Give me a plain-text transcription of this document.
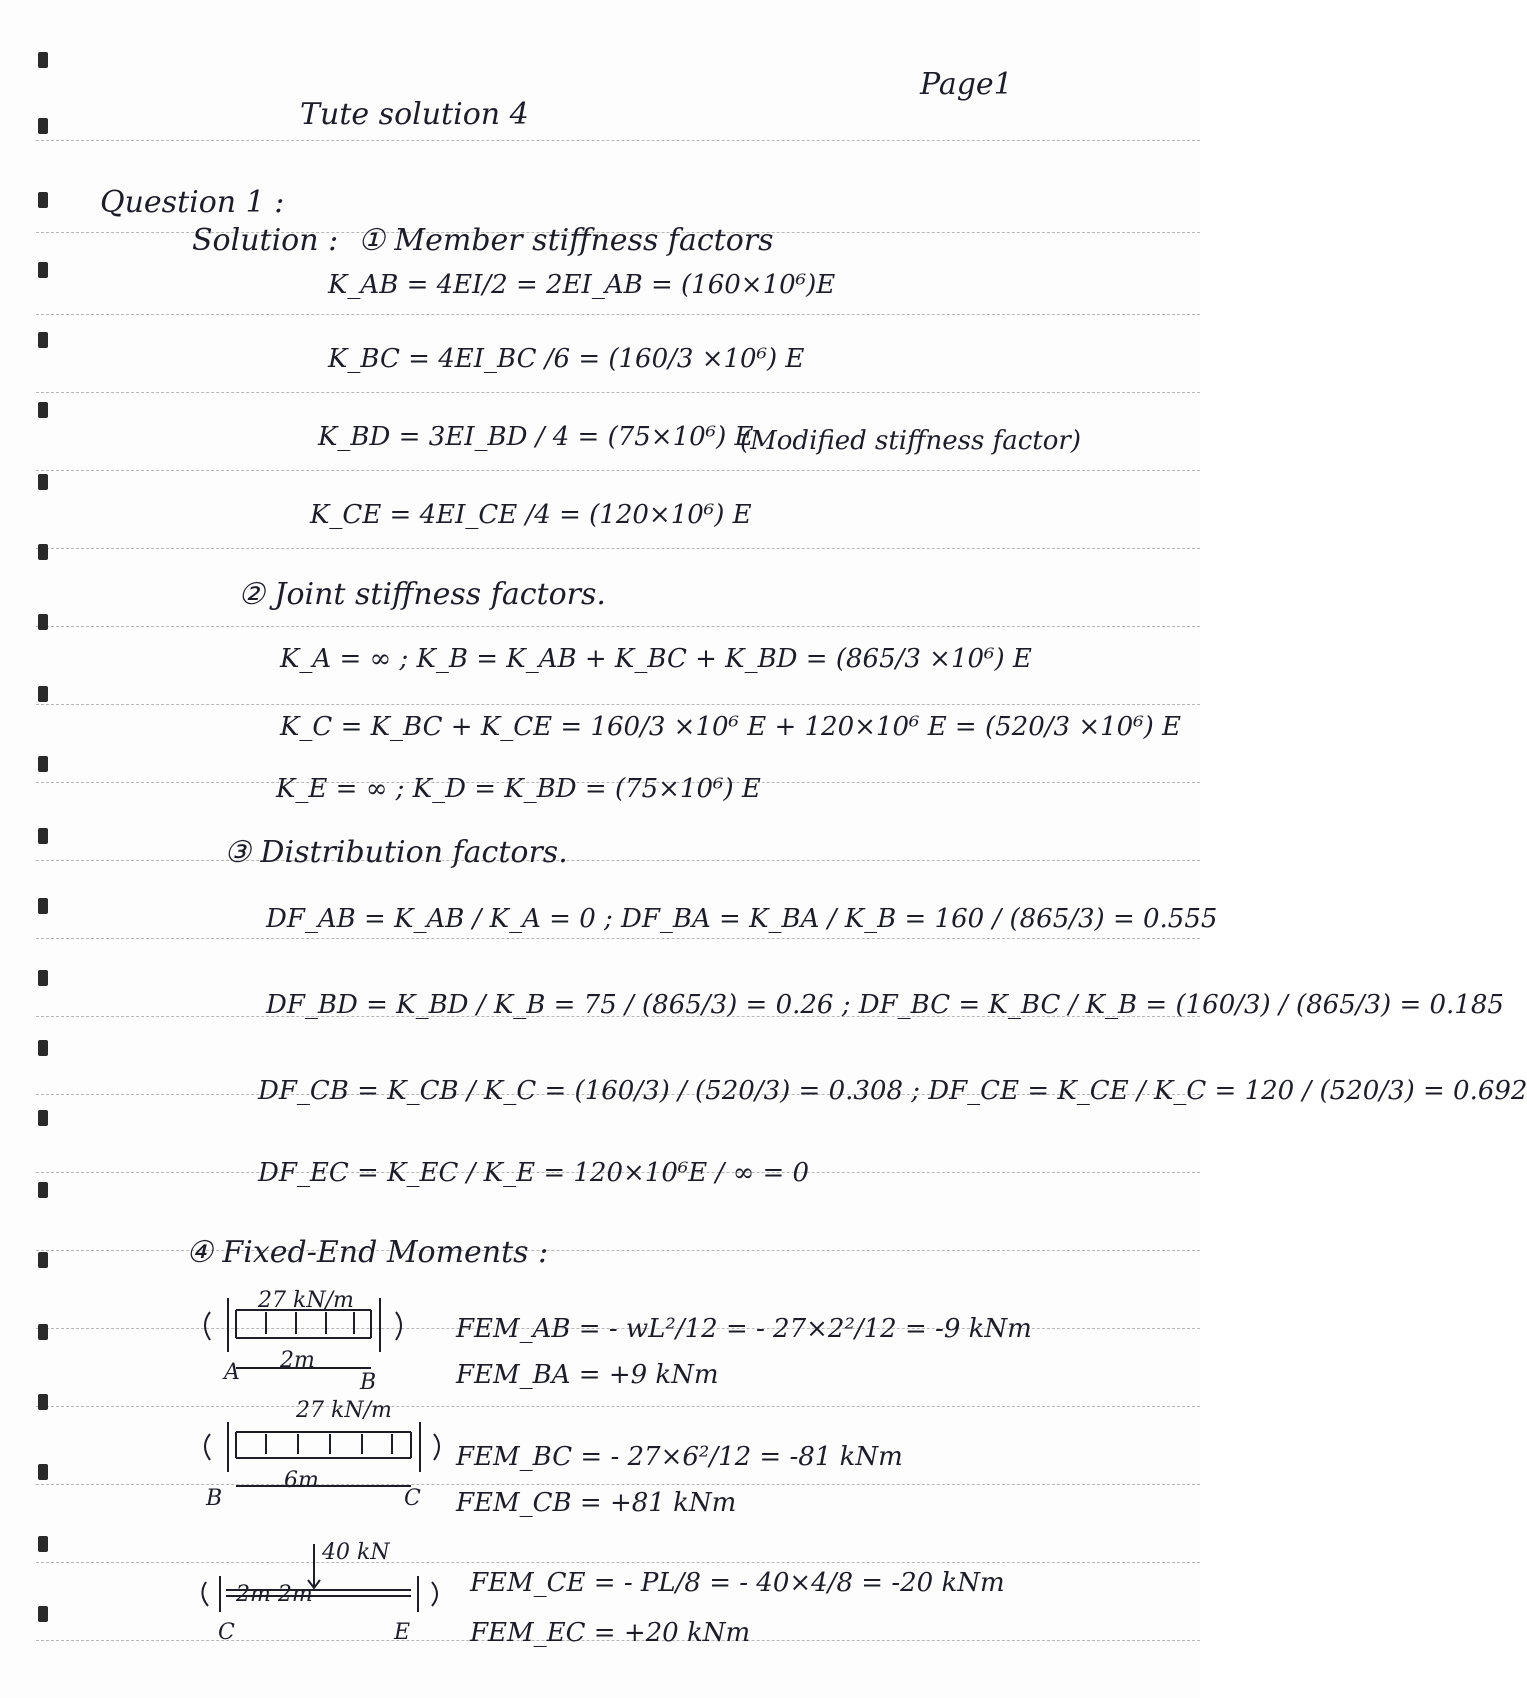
Tute solution 4
Page1
Question 1 :
Solution : ① Member stiffness factors
K_AB = 4EI/2 = 2EI_AB = (160×10⁶)E
K_BC = 4EI_BC /6 = (160/3 ×10⁶) E
K_BD = 3EI_BD / 4 = (75×10⁶) E
(Modified stiffness factor)
K_CE = 4EI_CE /4 = (120×10⁶) E
② Joint stiffness factors.
K_A = ∞ ; K_B = K_AB + K_BC + K_BD = (865/3 ×10⁶) E
K_C = K_BC + K_CE = 160/3 ×10⁶ E + 120×10⁶ E = (520/3 ×10⁶) E
K_E = ∞ ; K_D = K_BD = (75×10⁶) E
③ Distribution factors.
DF_AB = K_AB / K_A = 0 ; DF_BA = K_BA / K_B = 160 / (865/3) = 0.555
DF_BD = K_BD / K_B = 75 / (865/3) = 0.26 ; DF_BC = K_BC / K_B = (160/3) / (865/3) = 0.185
DF_CB = K_CB / K_C = (160/3) / (520/3) = 0.308 ; DF_CE = K_CE / K_C = 120 / (520/3) = 0.692
DF_EC = K_EC / K_E = 120×10⁶E / ∞ = 0
④ Fixed-End Moments :
27 kN/m
2m
A	B
FEM_AB = - wL²/12 = - 27×2²/12 = -9 kNm
FEM_BA = +9 kNm
27 kN/m
6m
B	C
FEM_BC = - 27×6²/12 = -81 kNm
FEM_CB = +81 kNm
40 kN
2m 2m
C	E
FEM_CE = - PL/8 = - 40×4/8 = -20 kNm
FEM_EC = +20 kNm
